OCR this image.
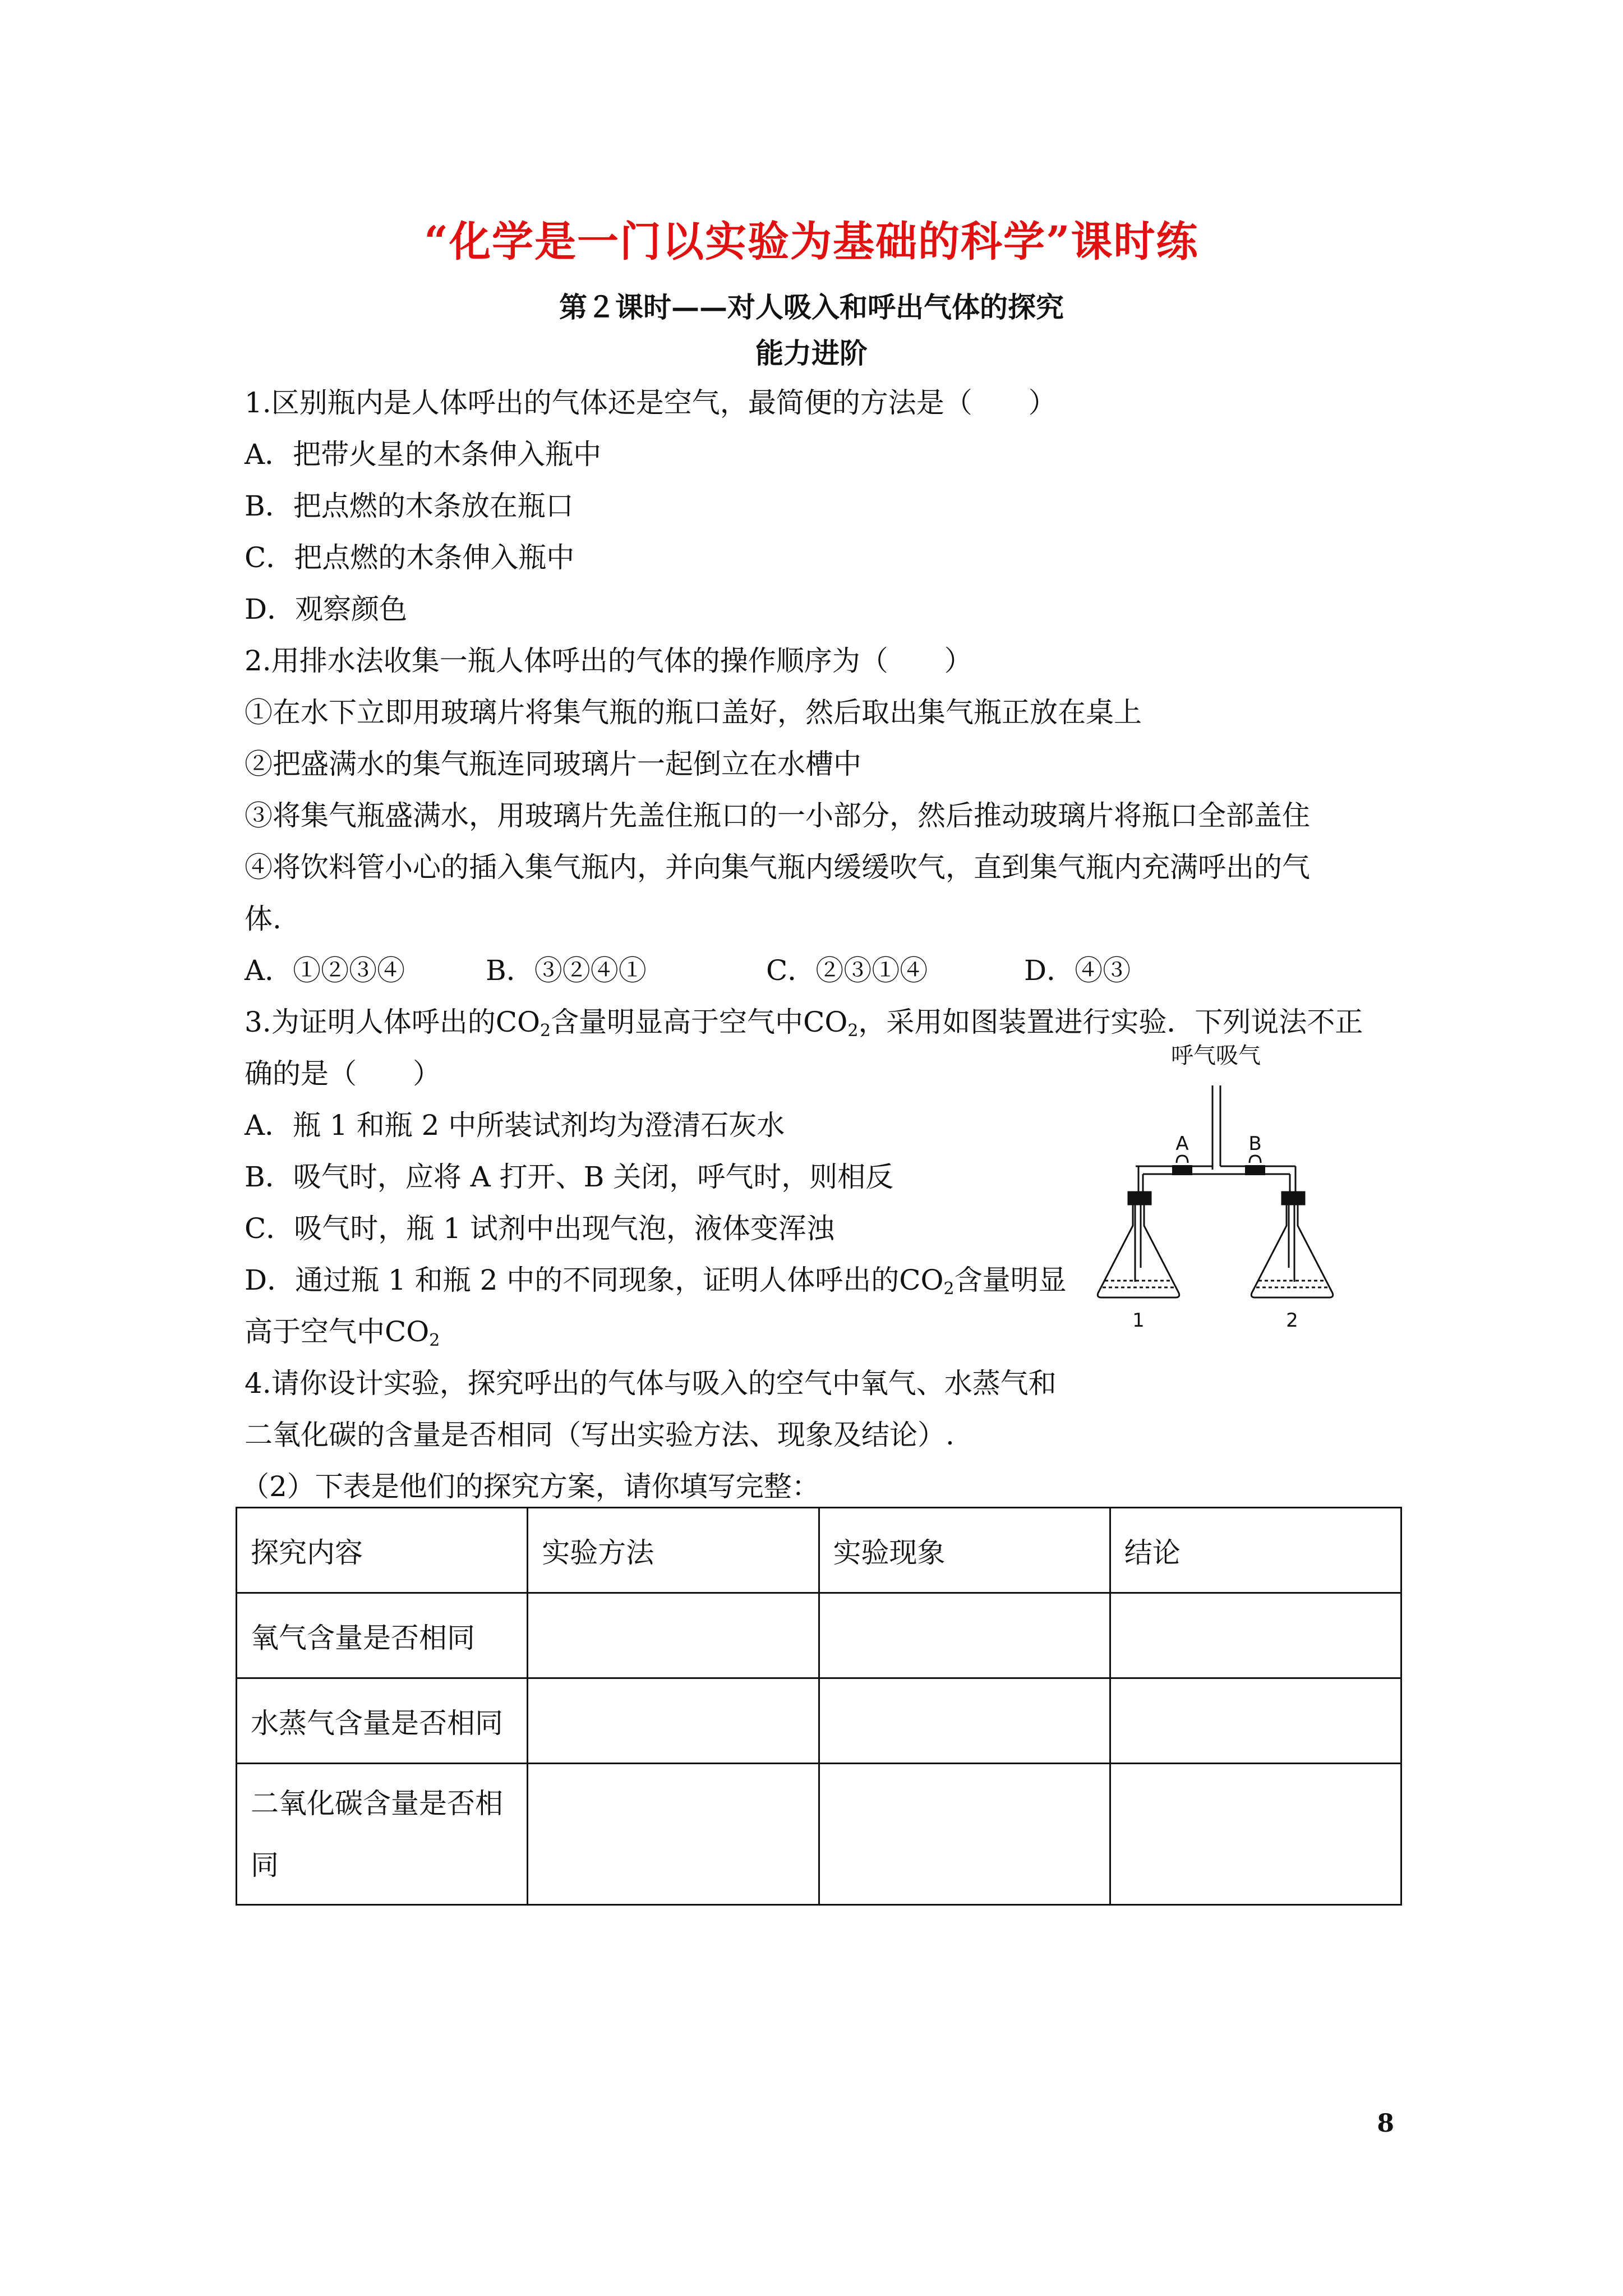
“化学是一门以实验为基础的科学”课时练
第２课时——对人吸入和呼出气体的探究
能力进阶
1.区别瓶内是人体呼出的气体还是空气，最简便的方法是（　　）
A．把带火星的木条伸入瓶中
B．把点燃的木条放在瓶口
C．把点燃的木条伸入瓶中
D．观察颜色
2.用排水法收集一瓶人体呼出的气体的操作顺序为（　　）
①在水下立即用玻璃片将集气瓶的瓶口盖好，然后取出集气瓶正放在桌上
②把盛满水的集气瓶连同玻璃片一起倒立在水槽中
③将集气瓶盛满水，用玻璃片先盖住瓶口的一小部分，然后推动玻璃片将瓶口全部盖住
④将饮料管小心的插入集气瓶内，并向集气瓶内缓缓吹气，直到集气瓶内充满呼出的气
体.
A．①②③④	B．③②④①	C．②③①④	D．④③
3.为证明人体呼出的$CO_2$含量明显高于空气中$CO_2$，采用如图装置进行实验．下列说法不正
确的是（　　）
A．瓶 1 和瓶 2 中所装试剂均为澄清石灰水
B．吸气时，应将 A 打开、B 关闭，呼气时，则相反
C．吸气时，瓶 1 试剂中出现气泡，液体变浑浊
D．通过瓶 1 和瓶 2 中的不同现象，证明人体呼出的$CO_2$含量明显
高于空气中$CO_2$
呼气吸气
A	B
1	2
4.请你设计实验，探究呼出的气体与吸入的空气中氧气、水蒸气和
二氧化碳的含量是否相同（写出实验方法、现象及结论）.
（2）下表是他们的探究方案，请你填写完整：
探究内容	实验方法	实验现象	结论
氧气含量是否相同			
水蒸气含量是否相同			
二氧化碳含量是否相
同			
8
